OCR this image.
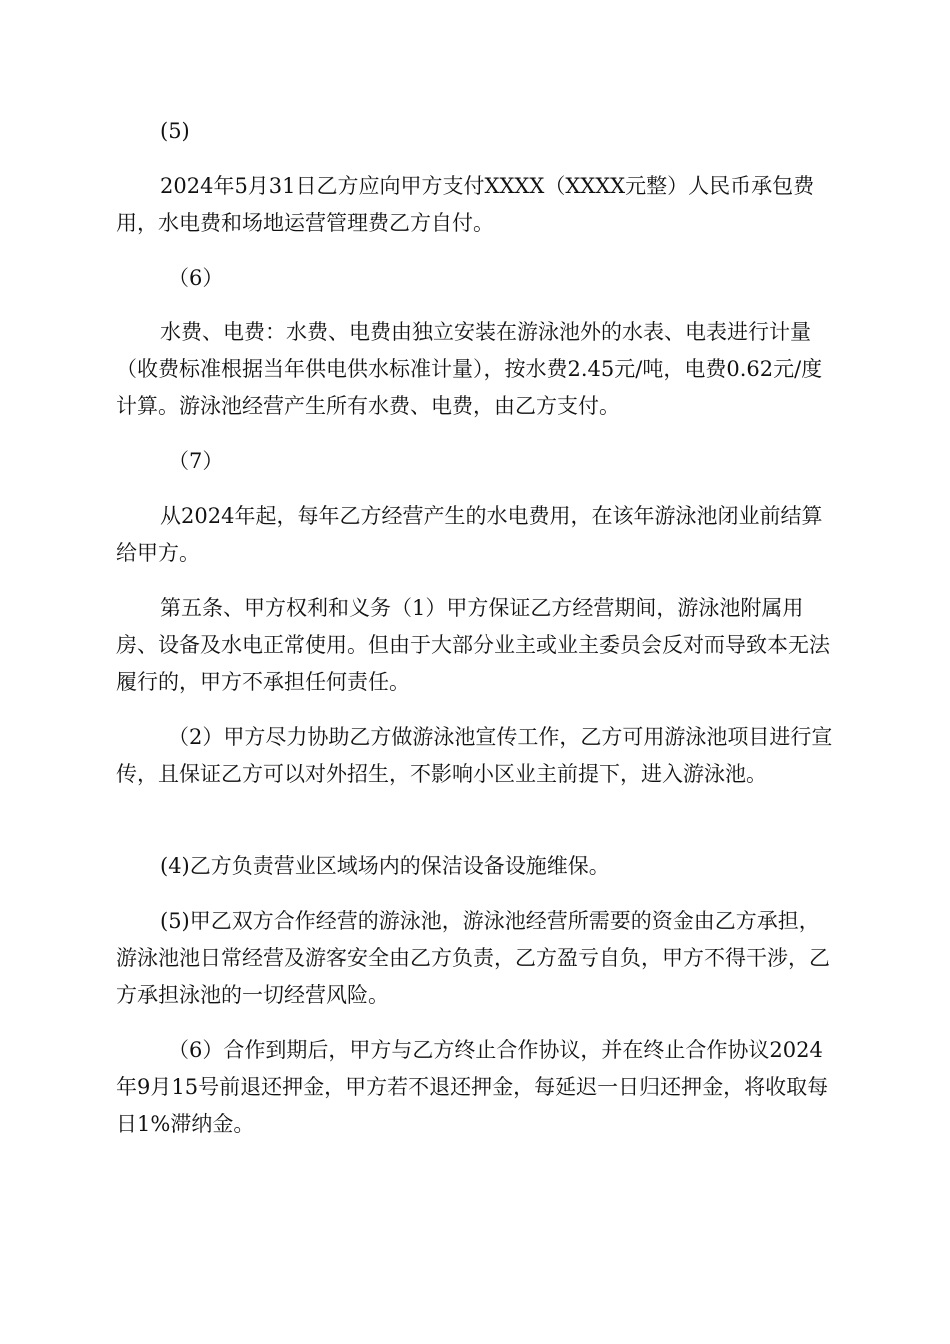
(5)

2024年5月31日乙方应向甲方支付XXXX（XXXX元整）人民币承包费用，水电费和场地运营管理费乙方自付。

（6）

水费、电费：水费、电费由独立安装在游泳池外的水表、电表进行计量（收费标准根据当年供电供水标准计量），按水费2.45元/吨，电费0.62元/度计算。游泳池经营产生所有水费、电费，由乙方支付。

（7）

从2024年起，每年乙方经营产生的水电费用，在该年游泳池闭业前结算给甲方。

第五条、甲方权利和义务（1）甲方保证乙方经营期间，游泳池附属用房、设备及水电正常使用。但由于大部分业主或业主委员会反对而导致本无法履行的，甲方不承担任何责任。

（2）甲方尽力协助乙方做游泳池宣传工作，乙方可用游泳池项目进行宣传，且保证乙方可以对外招生，不影响小区业主前提下，进入游泳池。

(4)乙方负责营业区域场内的保洁设备设施维保。

(5)甲乙双方合作经营的游泳池，游泳池经营所需要的资金由乙方承担，游泳池池日常经营及游客安全由乙方负责，乙方盈亏自负，甲方不得干涉，乙方承担泳池的一切经营风险。

（6）合作到期后，甲方与乙方终止合作协议，并在终止合作协议2024年9月15号前退还押金，甲方若不退还押金，每延迟一日归还押金，将收取每日1%滞纳金。
